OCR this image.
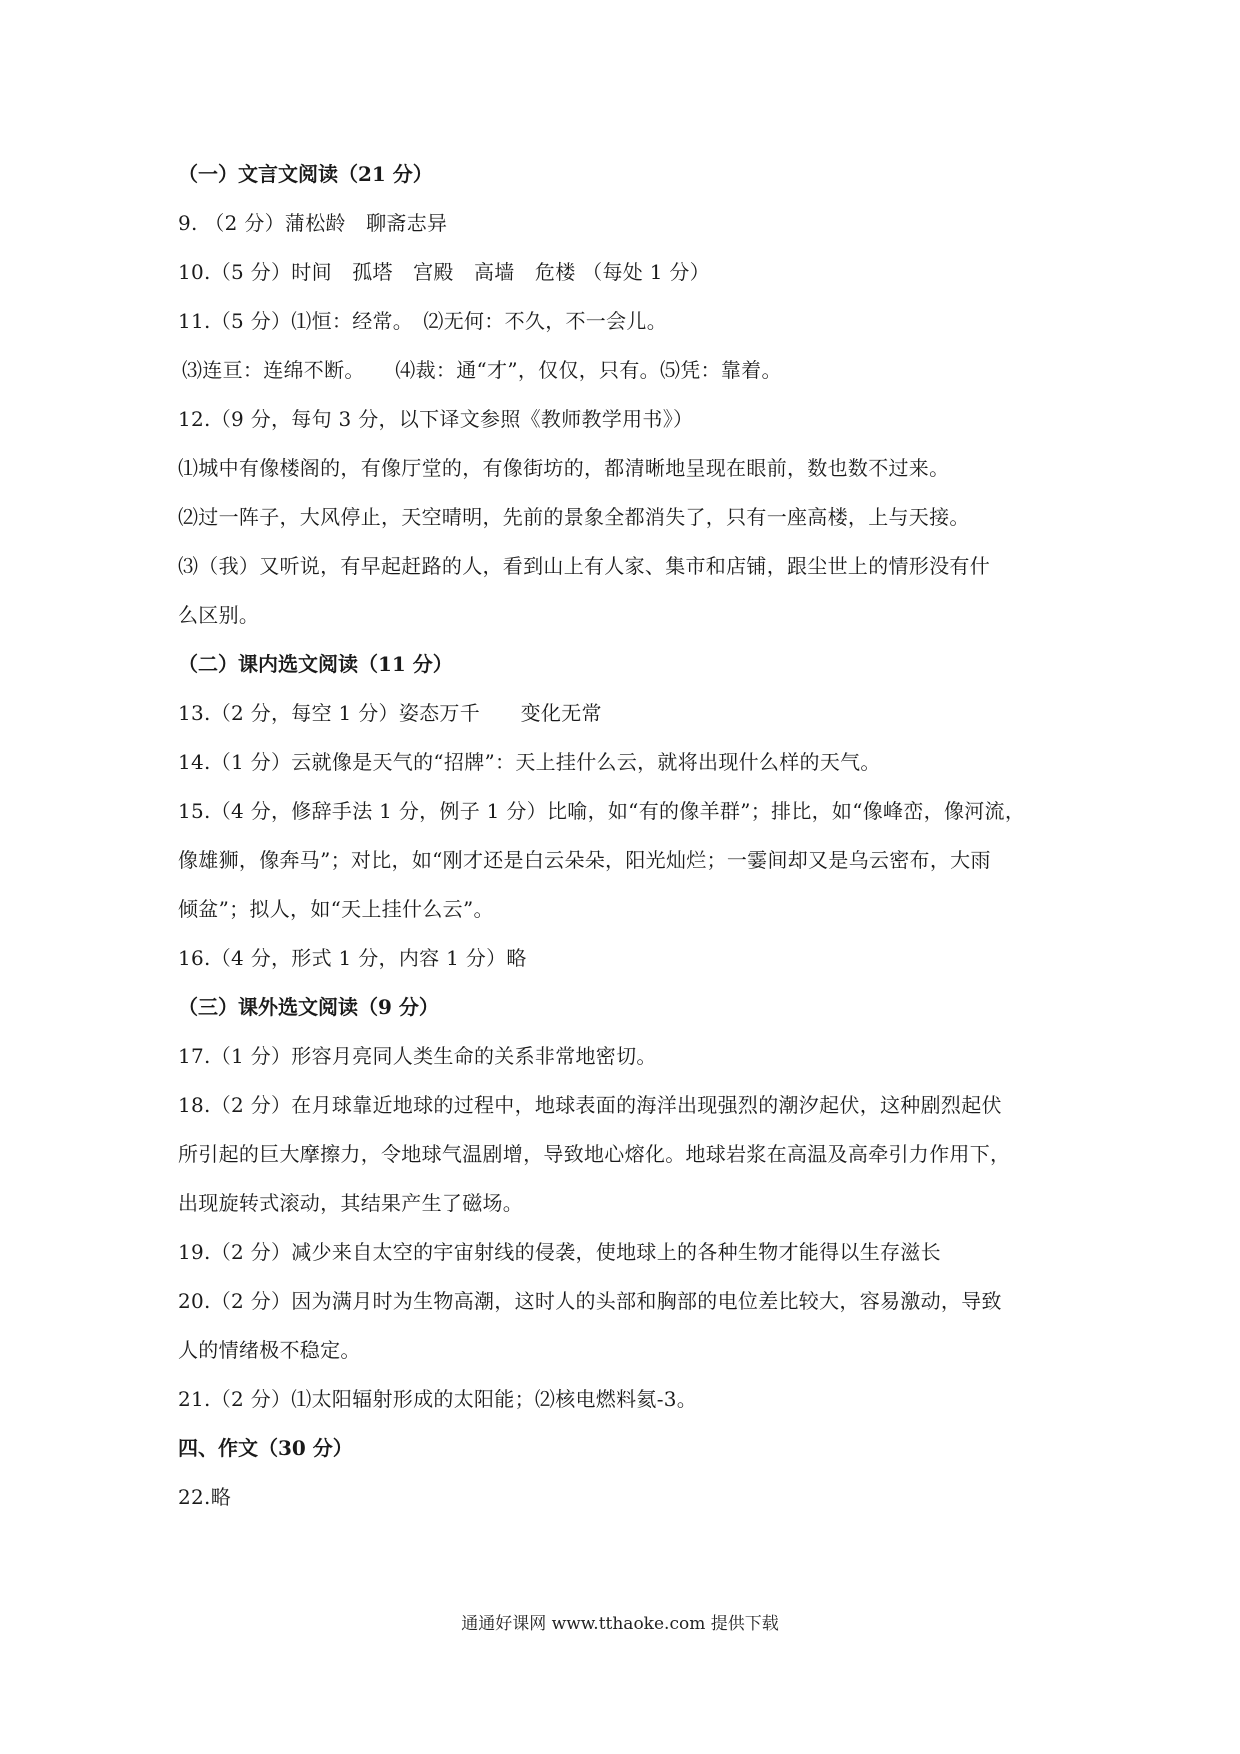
（一）文言文阅读（21 分）
9. （2 分）蒲松龄　聊斋志异
10.（5 分）时间　孤塔　宫殿　高墙　危楼 （每处 1 分）
11.（5 分）⑴恒：经常。　⑵无何：不久，不一会儿。
⑶连亘：连绵不断。　　⑷裁：通“才”，仅仅，只有。⑸凭：靠着。
12.（9 分，每句 3 分，以下译文参照《教师教学用书》）
⑴城中有像楼阁的，有像厅堂的，有像街坊的，都清晰地呈现在眼前，数也数不过来。
⑵过一阵子，大风停止，天空晴明，先前的景象全都消失了，只有一座高楼，上与天接。
⑶（我）又听说，有早起赶路的人，看到山上有人家、集市和店铺，跟尘世上的情形没有什
么区别。
（二）课内选文阅读（11 分）
13.（2 分，每空 1 分）姿态万千　　变化无常
14.（1 分）云就像是天气的“招牌”：天上挂什么云，就将出现什么样的天气。
15.（4 分，修辞手法 1 分，例子 1 分）比喻，如“有的像羊群”；排比，如“像峰峦，像河流，
像雄狮，像奔马”；对比，如“刚才还是白云朵朵，阳光灿烂；一霎间却又是乌云密布，大雨
倾盆”；拟人，如“天上挂什么云”。
16.（4 分，形式 1 分，内容 1 分）略
（三）课外选文阅读（9 分）
17.（1 分）形容月亮同人类生命的关系非常地密切。
18.（2 分）在月球靠近地球的过程中，地球表面的海洋出现强烈的潮汐起伏，这种剧烈起伏
所引起的巨大摩擦力，令地球气温剧增，导致地心熔化。地球岩浆在高温及高牵引力作用下，
出现旋转式滚动，其结果产生了磁场。
19.（2 分）减少来自太空的宇宙射线的侵袭，使地球上的各种生物才能得以生存滋长
20.（2 分）因为满月时为生物高潮，这时人的头部和胸部的电位差比较大，容易激动，导致
人的情绪极不稳定。
21.（2 分）⑴太阳辐射形成的太阳能；⑵核电燃料氦-3。
四、作文（30 分）
22.略
通通好课网 www.tthaoke.com 提供下载
